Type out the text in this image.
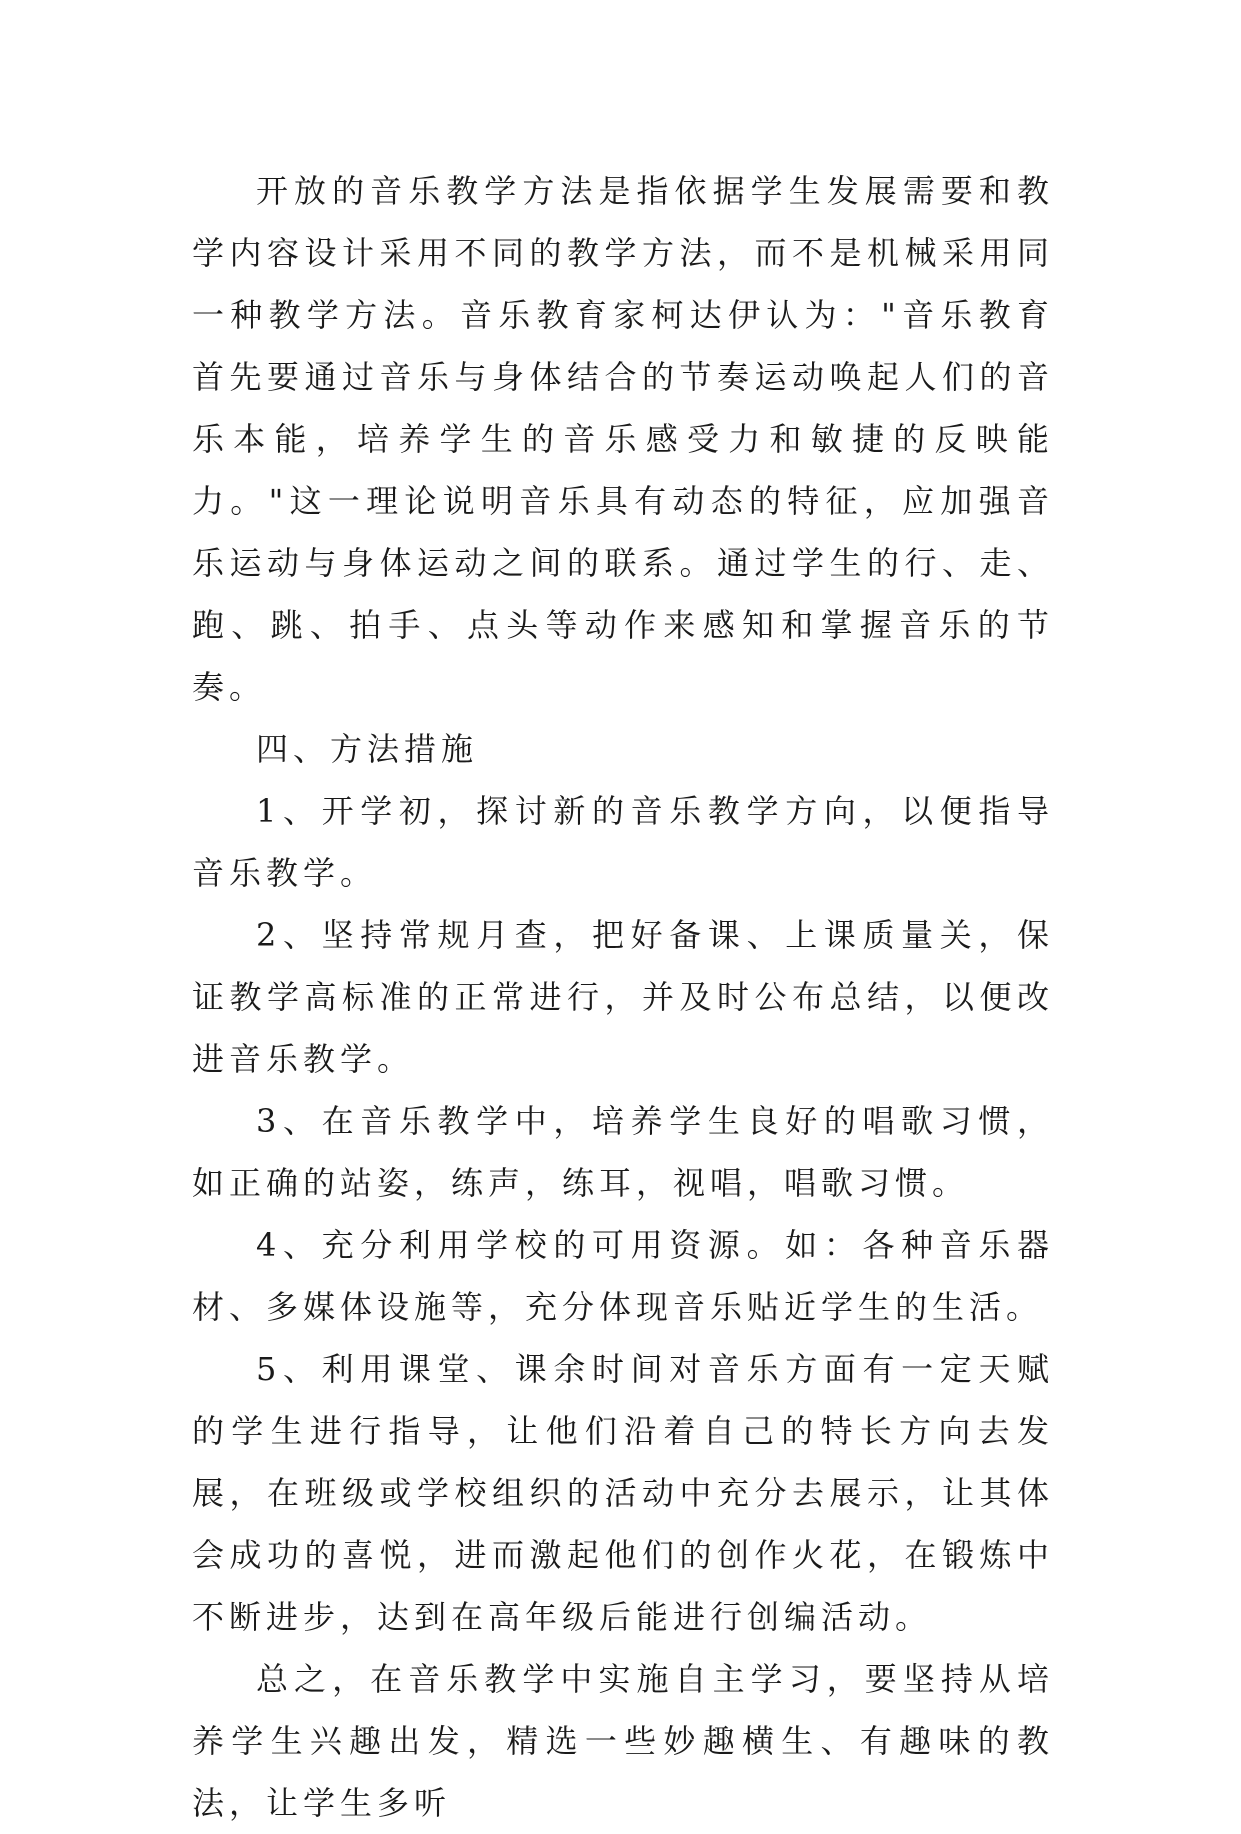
开放的音乐教学方法是指依据学生发展需要和教学内容设计采用不同的教学方法，而不是机械采用同一种教学方法。音乐教育家柯达伊认为："音乐教育首先要通过音乐与身体结合的节奏运动唤起人们的音乐本能，培养学生的音乐感受力和敏捷的反映能力。"这一理论说明音乐具有动态的特征，应加强音乐运动与身体运动之间的联系。通过学生的行、走、跑、跳、拍手、点头等动作来感知和掌握音乐的节奏。

四、方法措施

1、开学初，探讨新的音乐教学方向，以便指导音乐教学。

2、坚持常规月查，把好备课、上课质量关，保证教学高标准的正常进行，并及时公布总结，以便改进音乐教学。

3、在音乐教学中，培养学生良好的唱歌习惯，如正确的站姿，练声，练耳，视唱，唱歌习惯。

4、充分利用学校的可用资源。如：各种音乐器材、多媒体设施等，充分体现音乐贴近学生的生活。

5、利用课堂、课余时间对音乐方面有一定天赋的学生进行指导，让他们沿着自己的特长方向去发展，在班级或学校组织的活动中充分去展示，让其体会成功的喜悦，进而激起他们的创作火花，在锻炼中不断进步，达到在高年级后能进行创编活动。

总之，在音乐教学中实施自主学习，要坚持从培养学生兴趣出发，精选一些妙趣横生、有趣味的教法，让学生多听
